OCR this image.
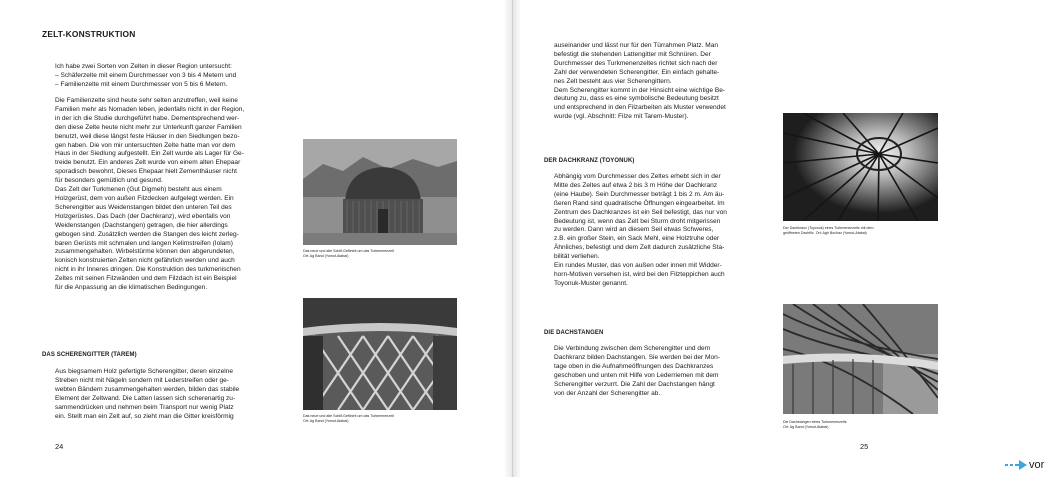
ZELT-KONSTRUKTION

Ich habe zwei Sorten von Zelten in dieser Region untersucht:

– Schäferzelte mit einem Durchmesser von 3 bis 4 Metern und

– Familienzelte mit einem Durchmesser von 5 bis 6 Metern.

Die Familienzelte sind heute sehr selten anzutreffen, weil keine

Familien mehr als Nomaden leben, jedenfalls nicht in der Region,

in der ich die Studie durchgeführt habe. Dementsprechend wer-

den diese Zelte heute nicht mehr zur Unterkunft ganzer Familien

benutzt, weil diese längst feste Häuser in den Siedlungen bezo-

gen haben. Die von mir untersuchten Zelte hatte man vor dem

Haus in der Siedlung aufgestellt. Ein Zelt wurde als Lager für Ge-

treide benutzt. Ein anderes Zelt wurde von einem alten Ehepaar

sporadisch bewohnt, Dieses Ehepaar hielt Zementhäuser nicht

für besonders gemütlich und gesund.

Das Zelt der Turkmenen (Gut Digmeh) besteht aus einem

Holzgerüst, dem von außen Filzdecken aufgelegt werden. Ein

Scherengitter aus Weidenstangen bildet den unteren Teil des

Holzgerüstes. Das Dach (der Dachkranz), wird ebenfalls von

Weidenstangen (Dachstangen) getragen, die hier allerdings

gebogen sind. Zusätzlich werden die Stangen des leicht zerleg-

baren Gerüsts mit schmalen und langen Kelimstreifen (Iolam)

zusammengehalten. Wirbelstürme können den abgerundeten,

konisch konstruierten Zelten nicht gefährlich werden und auch

nicht in ihr Inneres dringen. Die Konstruktion des turkmenischen

Zeltes mit seinen Filzwänden und dem Filzdach ist ein Beispiel

für die Anpassung an die klimatischen Bedingungen.

DAS SCHERENGITTER (TAREM)

Aus biegsamem Holz gefertigte Scherengitter, deren einzelne

Streben nicht mit Nägeln sondern mit Lederstreifen oder ge-

webten Bändern zusammengehalten werden, bilden das stabile

Element der Zeltwand. Die Latten lassen sich scherenartig zu-

sammendrücken und nehmen beim Transport nur wenig Platz

ein. Stellt man ein Zelt auf, so zieht man die Gitter kreisförmig

Das neue und alte Schilf-Geflecht um das Turkmenenzelt
Ort: Ag Band (Yomut-Atabai)
Das neue und alte Schilf-Geflecht um das Turkmenenzelt
Ort: Ag Band (Yomut-Atabai)
24

auseinander und lässt nur für den Türrahmen Platz. Man

befestigt die stehenden Lattengitter mit Schnüren. Der

Durchmesser des Turkmenenzeltes richtet sich nach der

Zahl der verwendeten Scherengitter. Ein einfach gehalte-

nes Zelt besteht aus vier Scherengittern.

Dem Scherengitter kommt in der Hinsicht eine wichtige Be-

deutung zu, dass es eine symbolische Bedeutung besitzt

und entsprechend in den Filzarbeiten als Muster verwendet

wurde (vgl. Abschnitt: Filze mit Tarem-Muster).

DER DACHKRANZ (TOYONUK)

Abhängig vom Durchmesser des Zeltes erhebt sich in der

Mitte des Zeltes auf etwa 2 bis 3 m Höhe der Dachkranz

(eine Haube). Sein Durchmesser beträgt 1 bis 2 m. Am äu-

ßeren Rand sind quadratische Öffnungen eingearbeitet. Im

Zentrum des Dachkranzes ist ein Seil befestigt, das nur von

Bedeutung ist, wenn das Zelt bei Sturm droht mitgerissen

zu werden. Dann wird an diesem Seil etwas Schweres,

z.B. ein großer Stein, ein Sack Mehl, eine Holztruhe oder

Ähnliches, befestigt und dem Zelt dadurch zusätzliche Sta-

bilität verliehen.

Ein rundes Muster, das von außen oder innen mit Widder-

horn-Motiven versehen ist, wird bei den Filzteppichen auch

Toyonuk-Muster genannt.

DIE DACHSTANGEN

Die Verbindung zwischen dem Scherengitter und dem

Dachkranz bilden Dachstangen. Sie werden bei der Mon-

tage oben in die Aufnahmeöffnungen des Dachkranzes

geschoben und unten mit Hilfe von Lederriemen mit dem

Scherengitter verzurrt. Die Zahl der Dachstangen hängt

von der Anzahl der Scherengitter ab.

Der Dachkranz (Toyonuk) eines Turkmenenzelts mit dem
geöffneten Dachfilz. Ort: Agh Bochaz (Yomut-Atabai)
Die Dachstangen eines Turkmenenzelts
Ort: Ag Band (Yomut-Atabai)
25
vor
